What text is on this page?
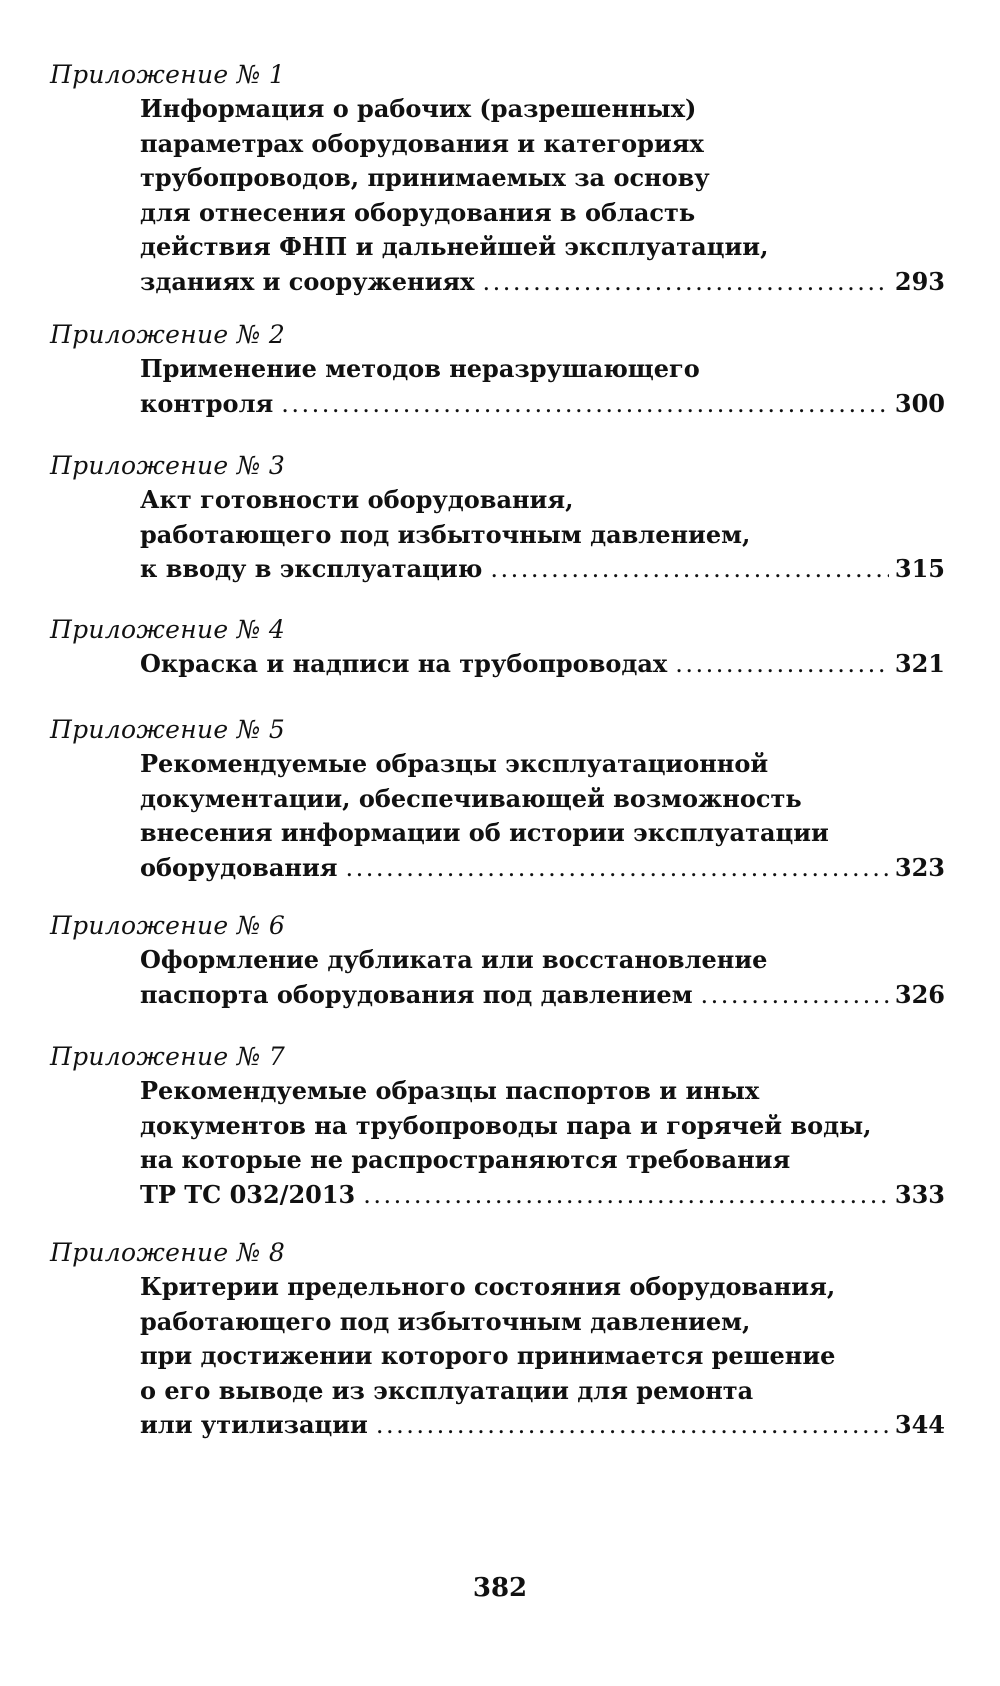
Приложение № 1
Информация о рабочих (разрешенных)
параметрах оборудования и категориях
трубопроводов, принимаемых за основу
для отнесения оборудования в область
действия ФНП и дальнейшей эксплуатации,
зданиях и сооружениях .....	293
Приложение № 2
Применение методов неразрушающего
контроля .....	300
Приложение № 3
Акт готовности оборудования,
работающего под избыточным давлением,
к вводу в эксплуатацию .....	315
Приложение № 4
Окраска и надписи на трубопроводах .....	321
Приложение № 5
Рекомендуемые образцы эксплуатационной
документации, обеспечивающей возможность
внесения информации об истории эксплуатации
оборудования .....	323
Приложение № 6
Оформление дубликата или восстановление
паспорта оборудования под давлением .....	326
Приложение № 7
Рекомендуемые образцы паспортов и иных
документов на трубопроводы пара и горячей воды,
на которые не распространяются требования
ТР ТС 032/2013 .....	333
Приложение № 8
Критерии предельного состояния оборудования,
работающего под избыточным давлением,
при достижении которого принимается решение
о его выводе из эксплуатации для ремонта
или утилизации .....	344
382
